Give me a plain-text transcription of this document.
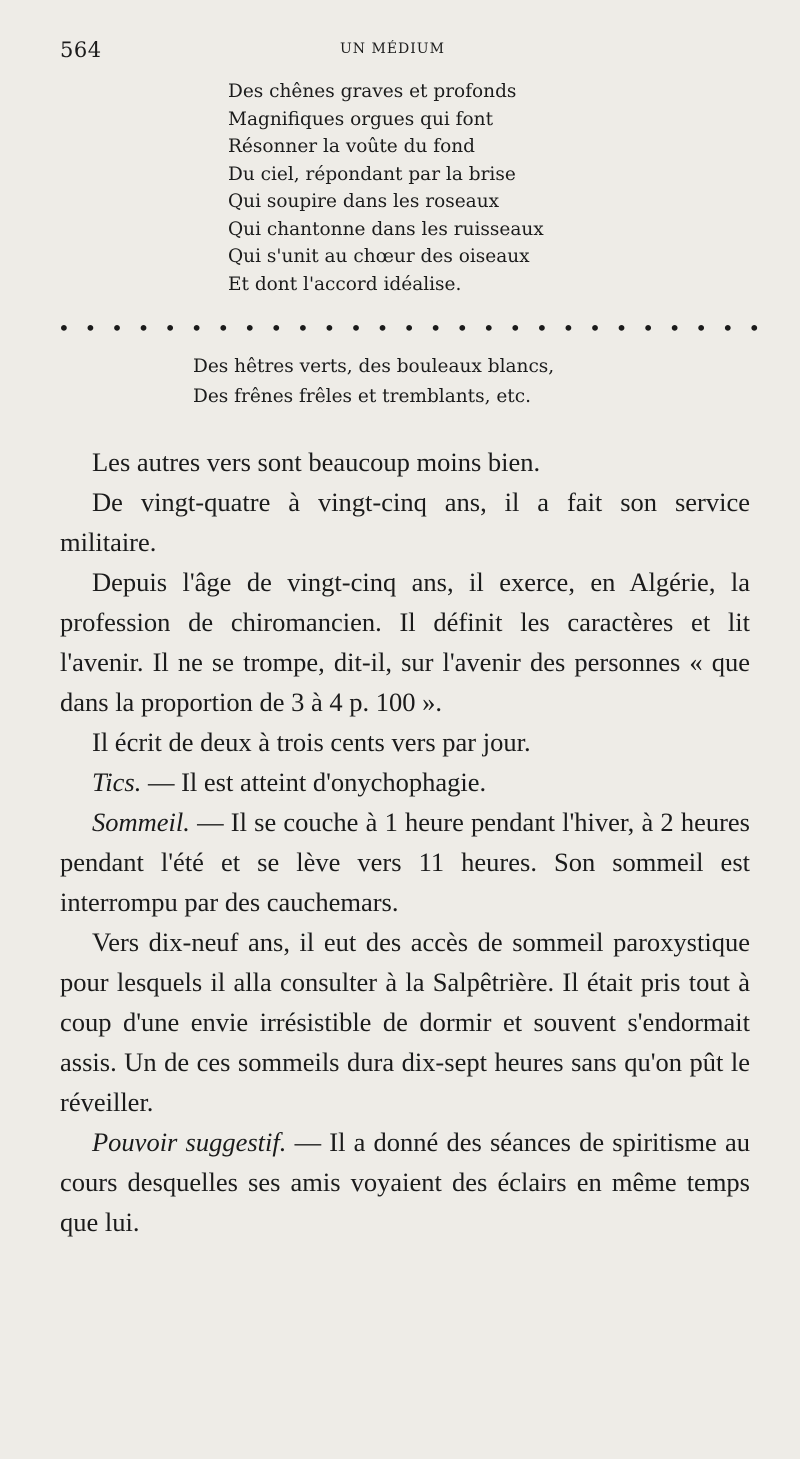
564	UN MÉDIUM
Des chênes graves et profonds
Magnifiques orgues qui font
Résonner la voûte du fond
Du ciel, répondant par la brise
Qui soupire dans les roseaux
Qui chantonne dans les ruisseaux
Qui s'unit au chœur des oiseaux
Et dont l'accord idéalise.
• • • • • • • • • • • • • • • • • • • • • • • • • • •
Des hêtres verts, des bouleaux blancs,
Des frênes frêles et tremblants, etc.

Les autres vers sont beaucoup moins bien.

De vingt-quatre à vingt-cinq ans, il a fait son service militaire.

Depuis l'âge de vingt-cinq ans, il exerce, en Algérie, la profession de chiromancien. Il définit les caractères et lit l'avenir. Il ne se trompe, dit-il, sur l'avenir des personnes « que dans la proportion de 3 à 4 p. 100 ».

Il écrit de deux à trois cents vers par jour.

Tics. — Il est atteint d'onychophagie.

Sommeil. — Il se couche à 1 heure pendant l'hiver, à 2 heures pendant l'été et se lève vers 11 heures. Son sommeil est interrompu par des cauchemars.

Vers dix-neuf ans, il eut des accès de sommeil paroxystique pour lesquels il alla consulter à la Salpêtrière. Il était pris tout à coup d'une envie irrésistible de dormir et souvent s'endormait assis. Un de ces sommeils dura dix-sept heures sans qu'on pût le réveiller.

Pouvoir suggestif. — Il a donné des séances de spiritisme au cours desquelles ses amis voyaient des éclairs en même temps que lui.
